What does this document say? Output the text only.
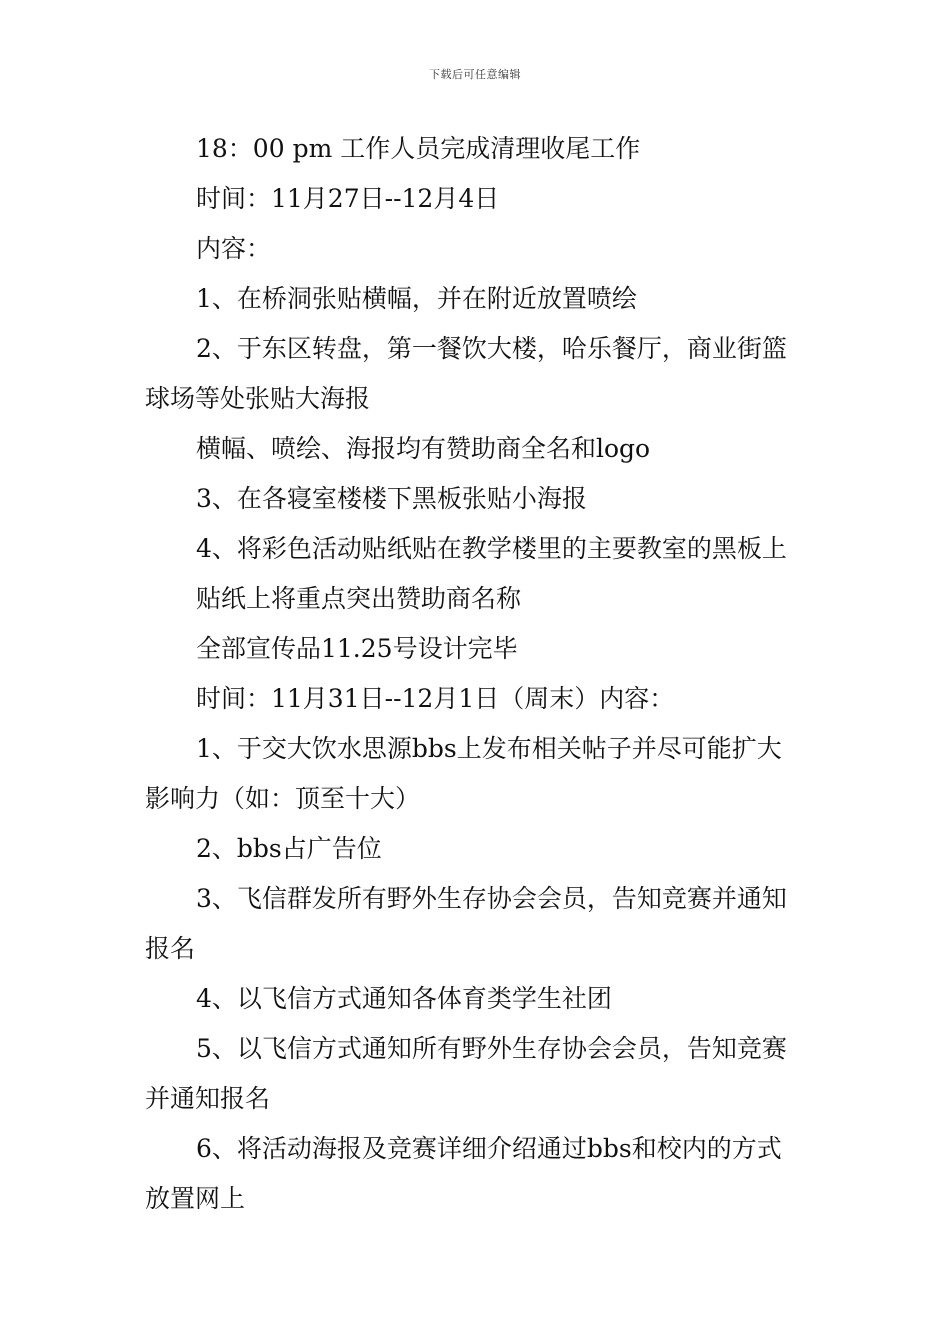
下载后可任意编辑
18：00 pm 工作人员完成清理收尾工作
时间：11月27日--12月4日
内容：
1、在桥洞张贴横幅，并在附近放置喷绘
2、于东区转盘，第一餐饮大楼，哈乐餐厅，商业街篮
球场等处张贴大海报
横幅、喷绘、海报均有赞助商全名和logo
3、在各寝室楼楼下黑板张贴小海报
4、将彩色活动贴纸贴在教学楼里的主要教室的黑板上
贴纸上将重点突出赞助商名称
全部宣传品11.25号设计完毕
时间：11月31日--12月1日（周末）内容：
1、于交大饮水思源bbs上发布相关帖子并尽可能扩大
影响力（如：顶至十大）
2、bbs占广告位
3、飞信群发所有野外生存协会会员，告知竞赛并通知
报名
4、以飞信方式通知各体育类学生社团
5、以飞信方式通知所有野外生存协会会员，告知竞赛
并通知报名
6、将活动海报及竞赛详细介绍通过bbs和校内的方式
放置网上
